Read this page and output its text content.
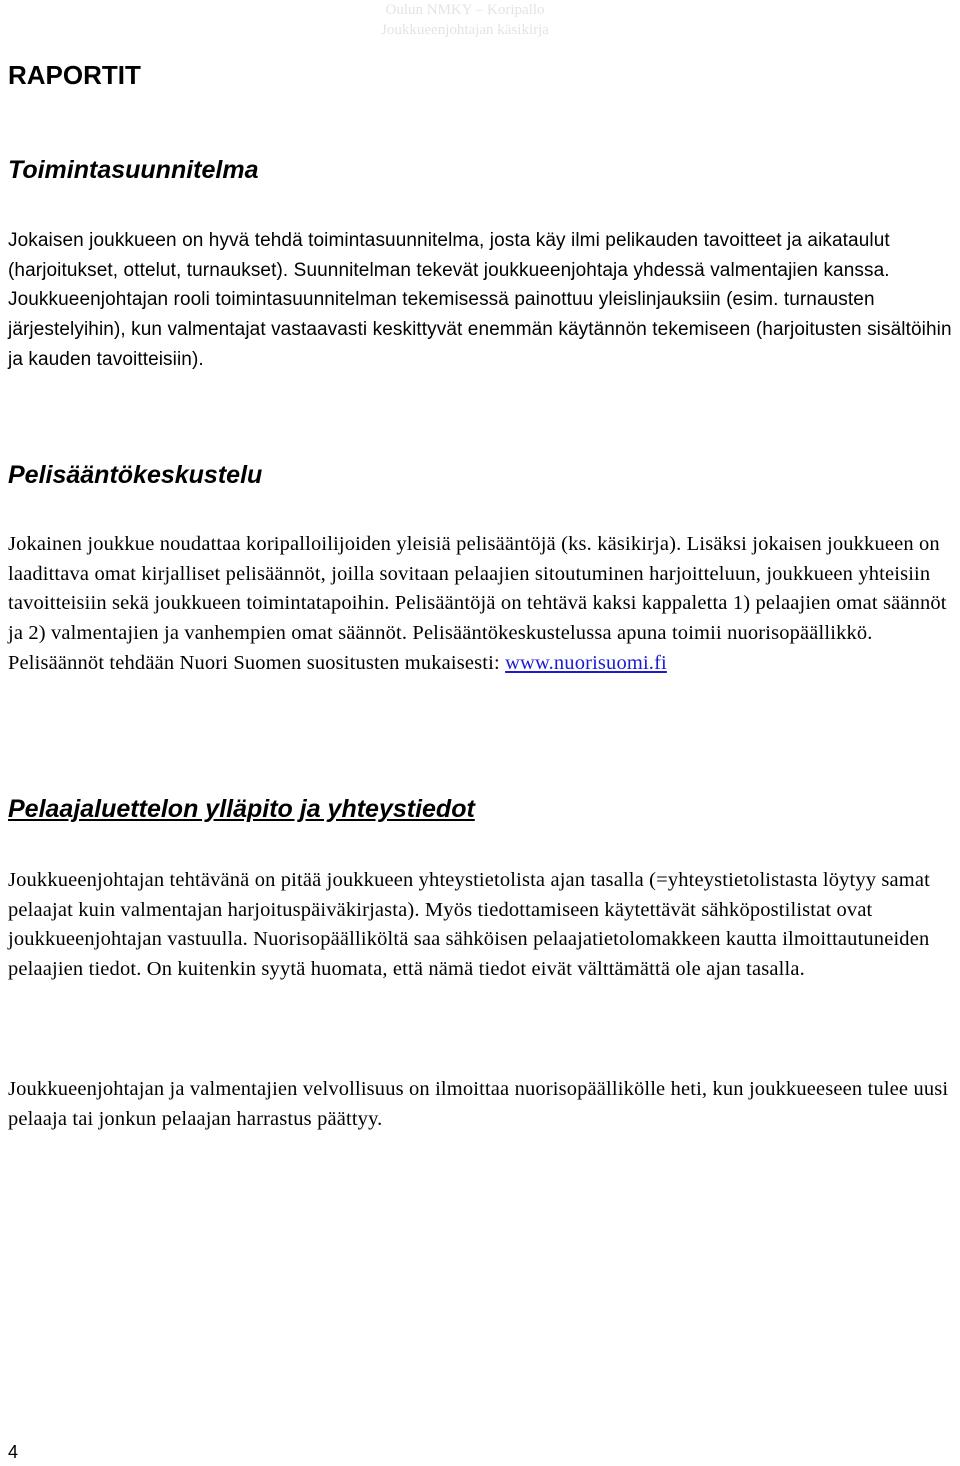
Oulun NMKY – Koripallo
Joukkueenjohtajan käsikirja
RAPORTIT
Toimintasuunnitelma

Jokaisen joukkueen on hyvä tehdä toimintasuunnitelma, josta käy ilmi pelikauden tavoitteet ja aikataulut (harjoitukset, ottelut, turnaukset). Suunnitelman tekevät joukkueenjohtaja yhdessä valmentajien kanssa. Joukkueenjohtajan rooli toimintasuunnitelman tekemisessä painottuu yleislinjauksiin (esim. turnausten järjestelyihin), kun valmentajat vastaavasti keskittyvät enemmän käytännön tekemiseen (harjoitusten sisältöihin ja kauden tavoitteisiin).

Pelisääntökeskustelu

Jokainen joukkue noudattaa koripalloilijoiden yleisiä pelisääntöjä (ks. käsikirja). Lisäksi jokaisen joukkueen on laadittava omat kirjalliset pelisäännöt, joilla sovitaan pelaajien sitoutuminen harjoitteluun, joukkueen yhteisiin tavoitteisiin sekä joukkueen toimintatapoihin. Pelisääntöjä on tehtävä kaksi kappaletta 1) pelaajien omat säännöt ja 2) valmentajien ja vanhempien omat säännöt. Pelisääntökeskustelussa apuna toimii nuorisopäällikkö. Pelisäännöt tehdään Nuori Suomen suositusten mukaisesti: www.nuorisuomi.fi

Pelaajaluettelon ylläpito ja yhteystiedot

Joukkueenjohtajan tehtävänä on pitää joukkueen yhteystietolista ajan tasalla (=yhteystietolistasta löytyy samat pelaajat kuin valmentajan harjoituspäiväkirjasta). Myös tiedottamiseen käytettävät sähköpostilistat ovat joukkueenjohtajan vastuulla. Nuorisopäälliköltä saa sähköisen pelaajatietolomakkeen kautta ilmoittautuneiden pelaajien tiedot. On kuitenkin syytä huomata, että nämä tiedot eivät välttämättä ole ajan tasalla.

Joukkueenjohtajan ja valmentajien velvollisuus on ilmoittaa nuorisopäällikölle heti, kun joukkueeseen tulee uusi pelaaja tai jonkun pelaajan harrastus päättyy.

4
